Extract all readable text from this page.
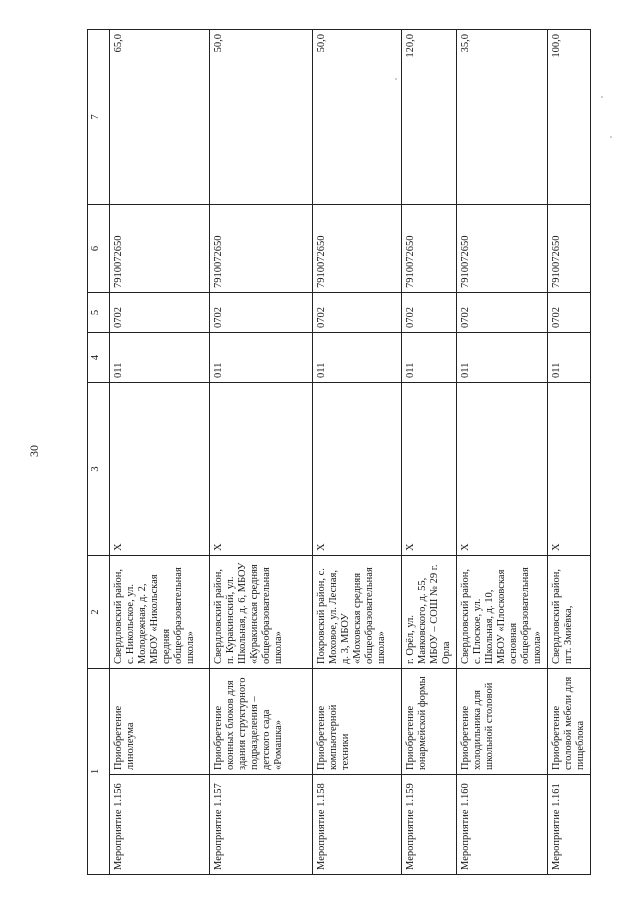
30
1		2	3	4	5	6	7
Мероприятие 1.156	Приобретение линолеума	Свердловский район, с. Никольское, ул. Молодежная, д. 2, МБОУ «Никольская средняя общеобразовательная школа»	Х	011	0702	7910072650	65,0
Мероприятие 1.157	Приобретение оконных блоков для здания структурного подразделения – детского сада «Ромашка»	Свердловский район, п. Куракинский, ул. Школьная, д. 6, МБОУ «Куракинская средняя общеобразовательная школа»	Х	011	0702	7910072650	50,0
Мероприятие 1.158	Приобретение компьютерной техники	Покровский район, с. Моховое, ул. Лесная, д. 3, МБОУ «Моховская средняя общеобразовательная школа»	Х	011	0702	7910072650	50,0
Мероприятие 1.159	Приобретение юнармейской формы	г. Орёл, ул. Маяковского, д. 55, МБОУ – СОШ № 29 г. Орла	Х	011	0702	7910072650	120,0
Мероприятие 1.160	Приобретение холодильника для школьной столовой	Свердловский район, с. Плоское, ул. Школьная, д. 10, МБОУ «Плосковская основная общеобразовательная школа»	Х	011	0702	7910072650	35,0
Мероприятие 1.161	Приобретение столовой мебели для пищеблока	Свердловский район, пгт. Змиёвка,	Х	011	0702	7910072650	100,0
